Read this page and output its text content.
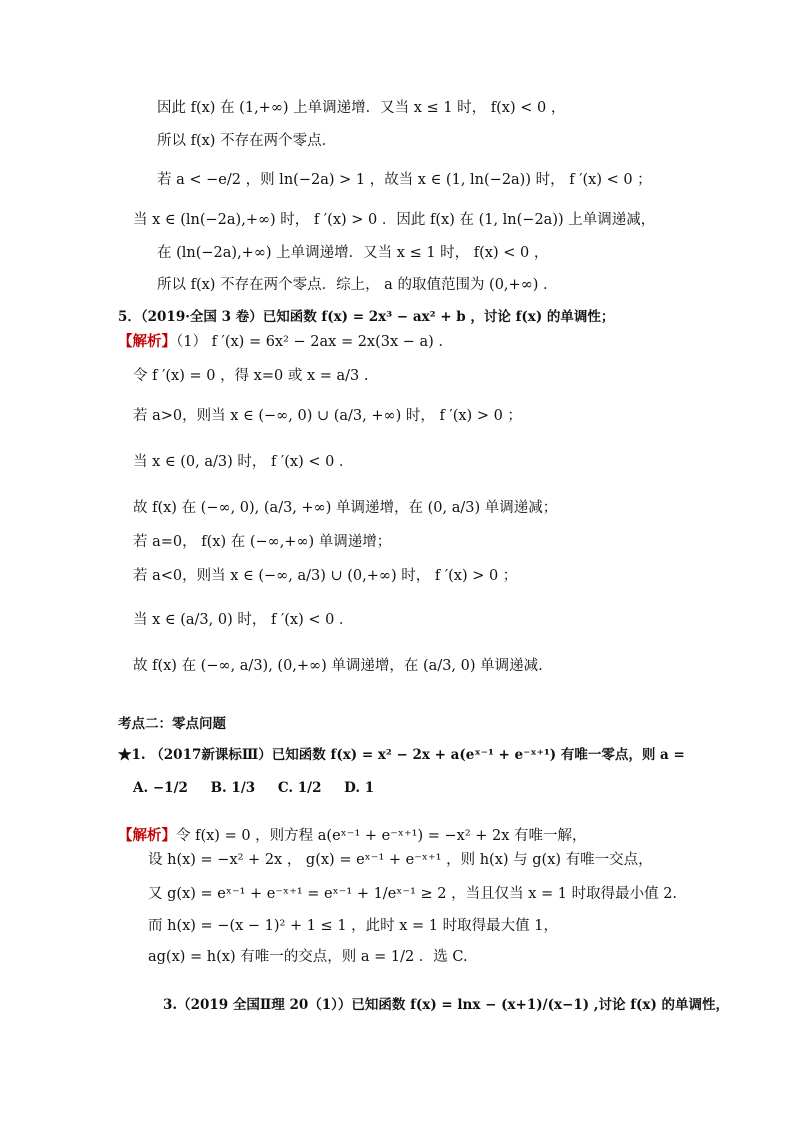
因此 f(x) 在 (1,+∞) 上单调递增．又当 x ≤ 1 时， f(x) < 0 ，
所以 f(x) 不存在两个零点．
若 a < −e/2 ，则 ln(−2a) > 1 ，故当 x ∈ (1, ln(−2a)) 时， f ′(x) < 0 ；
当 x ∈ (ln(−2a),+∞) 时， f ′(x) > 0 ．因此 f(x) 在 (1, ln(−2a)) 上单调递减，
在 (ln(−2a),+∞) 上单调递增．又当 x ≤ 1 时， f(x) < 0 ，
所以 f(x) 不存在两个零点．综上， a 的取值范围为 (0,+∞) ．
5．（2019·全国 3 卷）已知函数 f(x) = 2x³ − ax² + b ，讨论 f(x) 的单调性；
【解析】（1） f ′(x) = 6x² − 2ax = 2x(3x − a) ．
令 f ′(x) = 0 ，得 x=0 或 x = a/3 .
若 a>0，则当 x ∈ (−∞, 0) ∪ (a/3, +∞) 时， f ′(x) > 0 ；
当 x ∈ (0, a/3) 时， f ′(x) < 0 ．
故 f(x) 在 (−∞, 0), (a/3, +∞) 单调递增，在 (0, a/3) 单调递减；
若 a=0， f(x) 在 (−∞,+∞) 单调递增；
若 a<0，则当 x ∈ (−∞, a/3) ∪ (0,+∞) 时， f ′(x) > 0 ；
当 x ∈ (a/3, 0) 时， f ′(x) < 0 ．
故 f(x) 在 (−∞, a/3), (0,+∞) 单调递增，在 (a/3, 0) 单调递减.
考点二：零点问题
★1. （2017新课标Ⅲ）已知函数 f(x) = x² − 2x + a(eˣ⁻¹ + e⁻ˣ⁺¹) 有唯一零点，则 a =
A. −1/2 B. 1/3 C. 1/2 D. 1
【解析】令 f(x) = 0 ，则方程 a(eˣ⁻¹ + e⁻ˣ⁺¹) = −x² + 2x 有唯一解，
设 h(x) = −x² + 2x ， g(x) = eˣ⁻¹ + e⁻ˣ⁺¹ ，则 h(x) 与 g(x) 有唯一交点，
又 g(x) = eˣ⁻¹ + e⁻ˣ⁺¹ = eˣ⁻¹ + 1/eˣ⁻¹ ≥ 2 ，当且仅当 x = 1 时取得最小值 2.
而 h(x) = −(x − 1)² + 1 ≤ 1 ，此时 x = 1 时取得最大值 1，
ag(x) = h(x) 有唯一的交点，则 a = 1/2 ．选 C.
3.（2019 全国Ⅱ理 20（1））已知函数 f(x) = lnx − (x+1)/(x−1) ,讨论 f(x) 的单调性，
